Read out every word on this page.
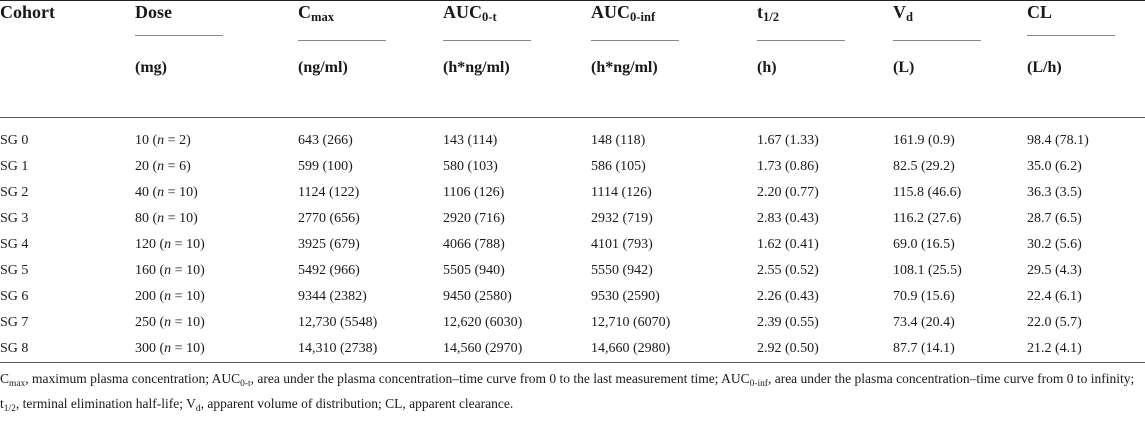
Cohort	Dose	$C_{max}$	$AUC_{0-t}$	$AUC_{0-inf}$	$t_{1/2}$	$V_d$	CL

	(mg)	(ng/ml)	(h*ng/ml)	(h*ng/ml)	(h)	(L)	(L/h)

SG 0	10 (n = 2)	643 (266)	143 (114)	148 (118)	1.67 (1.33)	161.9 (0.9)	98.4 (78.1)
SG 1	20 (n = 6)	599 (100)	580 (103)	586 (105)	1.73 (0.86)	82.5 (29.2)	35.0 (6.2)
SG 2	40 (n = 10)	1124 (122)	1106 (126)	1114 (126)	2.20 (0.77)	115.8 (46.6)	36.3 (3.5)
SG 3	80 (n = 10)	2770 (656)	2920 (716)	2932 (719)	2.83 (0.43)	116.2 (27.6)	28.7 (6.5)
SG 4	120 (n = 10)	3925 (679)	4066 (788)	4101 (793)	1.62 (0.41)	69.0 (16.5)	30.2 (5.6)
SG 5	160 (n = 10)	5492 (966)	5505 (940)	5550 (942)	2.55 (0.52)	108.1 (25.5)	29.5 (4.3)
SG 6	200 (n = 10)	9344 (2382)	9450 (2580)	9530 (2590)	2.26 (0.43)	70.9 (15.6)	22.4 (6.1)
SG 7	250 (n = 10)	12,730 (5548)	12,620 (6030)	12,710 (6070)	2.39 (0.55)	73.4 (20.4)	22.0 (5.7)
SG 8	300 (n = 10)	14,310 (2738)	14,560 (2970)	14,660 (2980)	2.92 (0.50)	87.7 (14.1)	21.2 (4.1)

$C_{max}$, maximum plasma concentration; $AUC_{0-t}$, area under the plasma concentration–time curve from 0 to the last measurement time; $AUC_{0-inf}$, area under the plasma concentration–time curve from 0 to infinity; $t_{1/2}$, terminal elimination half-life; $V_d$, apparent volume of distribution; CL, apparent clearance.							
